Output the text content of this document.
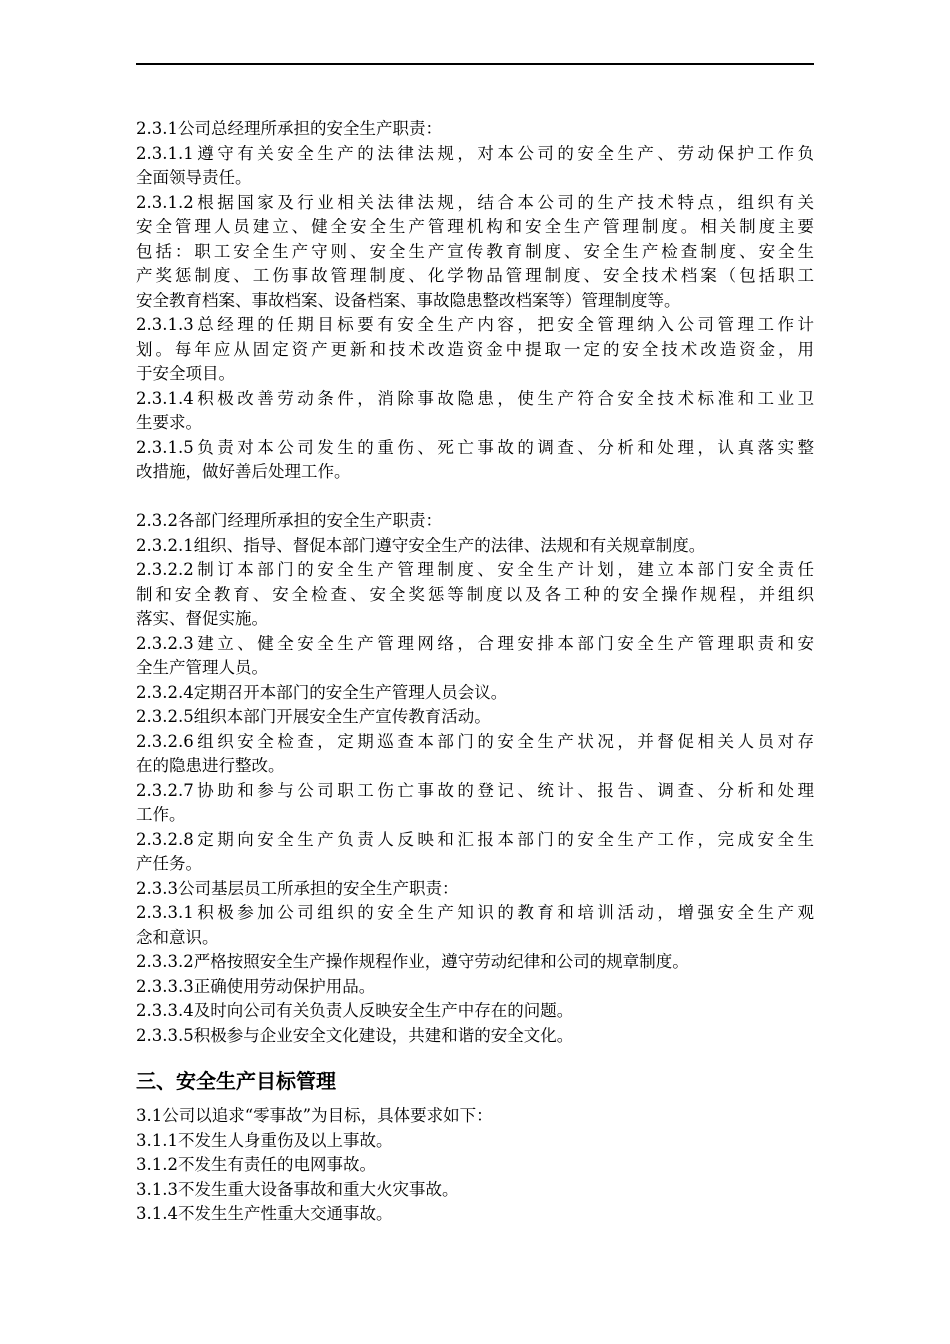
2.3.1公司总经理所承担的安全生产职责：
2.3.1.1遵守有关安全生产的法律法规，对本公司的安全生产、劳动保护工作负
全面领导责任。
2.3.1.2根据国家及行业相关法律法规，结合本公司的生产技术特点，组织有关
安全管理人员建立、健全安全生产管理机构和安全生产管理制度。相关制度主要
包括：职工安全生产守则、安全生产宣传教育制度、安全生产检查制度、安全生
产奖惩制度、工伤事故管理制度、化学物品管理制度、安全技术档案（包括职工
安全教育档案、事故档案、设备档案、事故隐患整改档案等）管理制度等。
2.3.1.3总经理的任期目标要有安全生产内容，把安全管理纳入公司管理工作计
划。每年应从固定资产更新和技术改造资金中提取一定的安全技术改造资金，用
于安全项目。
2.3.1.4积极改善劳动条件，消除事故隐患，使生产符合安全技术标准和工业卫
生要求。
2.3.1.5负责对本公司发生的重伤、死亡事故的调查、分析和处理，认真落实整
改措施，做好善后处理工作。
2.3.2各部门经理所承担的安全生产职责：
2.3.2.1组织、指导、督促本部门遵守安全生产的法律、法规和有关规章制度。
2.3.2.2制订本部门的安全生产管理制度、安全生产计划，建立本部门安全责任
制和安全教育、安全检查、安全奖惩等制度以及各工种的安全操作规程，并组织
落实、督促实施。
2.3.2.3建立、健全安全生产管理网络，合理安排本部门安全生产管理职责和安
全生产管理人员。
2.3.2.4定期召开本部门的安全生产管理人员会议。
2.3.2.5组织本部门开展安全生产宣传教育活动。
2.3.2.6组织安全检查，定期巡查本部门的安全生产状况，并督促相关人员对存
在的隐患进行整改。
2.3.2.7协助和参与公司职工伤亡事故的登记、统计、报告、调查、分析和处理
工作。
2.3.2.8定期向安全生产负责人反映和汇报本部门的安全生产工作，完成安全生
产任务。
2.3.3公司基层员工所承担的安全生产职责：
2.3.3.1积极参加公司组织的安全生产知识的教育和培训活动，增强安全生产观
念和意识。
2.3.3.2严格按照安全生产操作规程作业，遵守劳动纪律和公司的规章制度。
2.3.3.3正确使用劳动保护用品。
2.3.3.4及时向公司有关负责人反映安全生产中存在的问题。
2.3.3.5积极参与企业安全文化建设，共建和谐的安全文化。
三、安全生产目标管理
3.1公司以追求“零事故”为目标，具体要求如下：
3.1.1不发生人身重伤及以上事故。
3.1.2不发生有责任的电网事故。
3.1.3不发生重大设备事故和重大火灾事故。
3.1.4不发生生产性重大交通事故。
